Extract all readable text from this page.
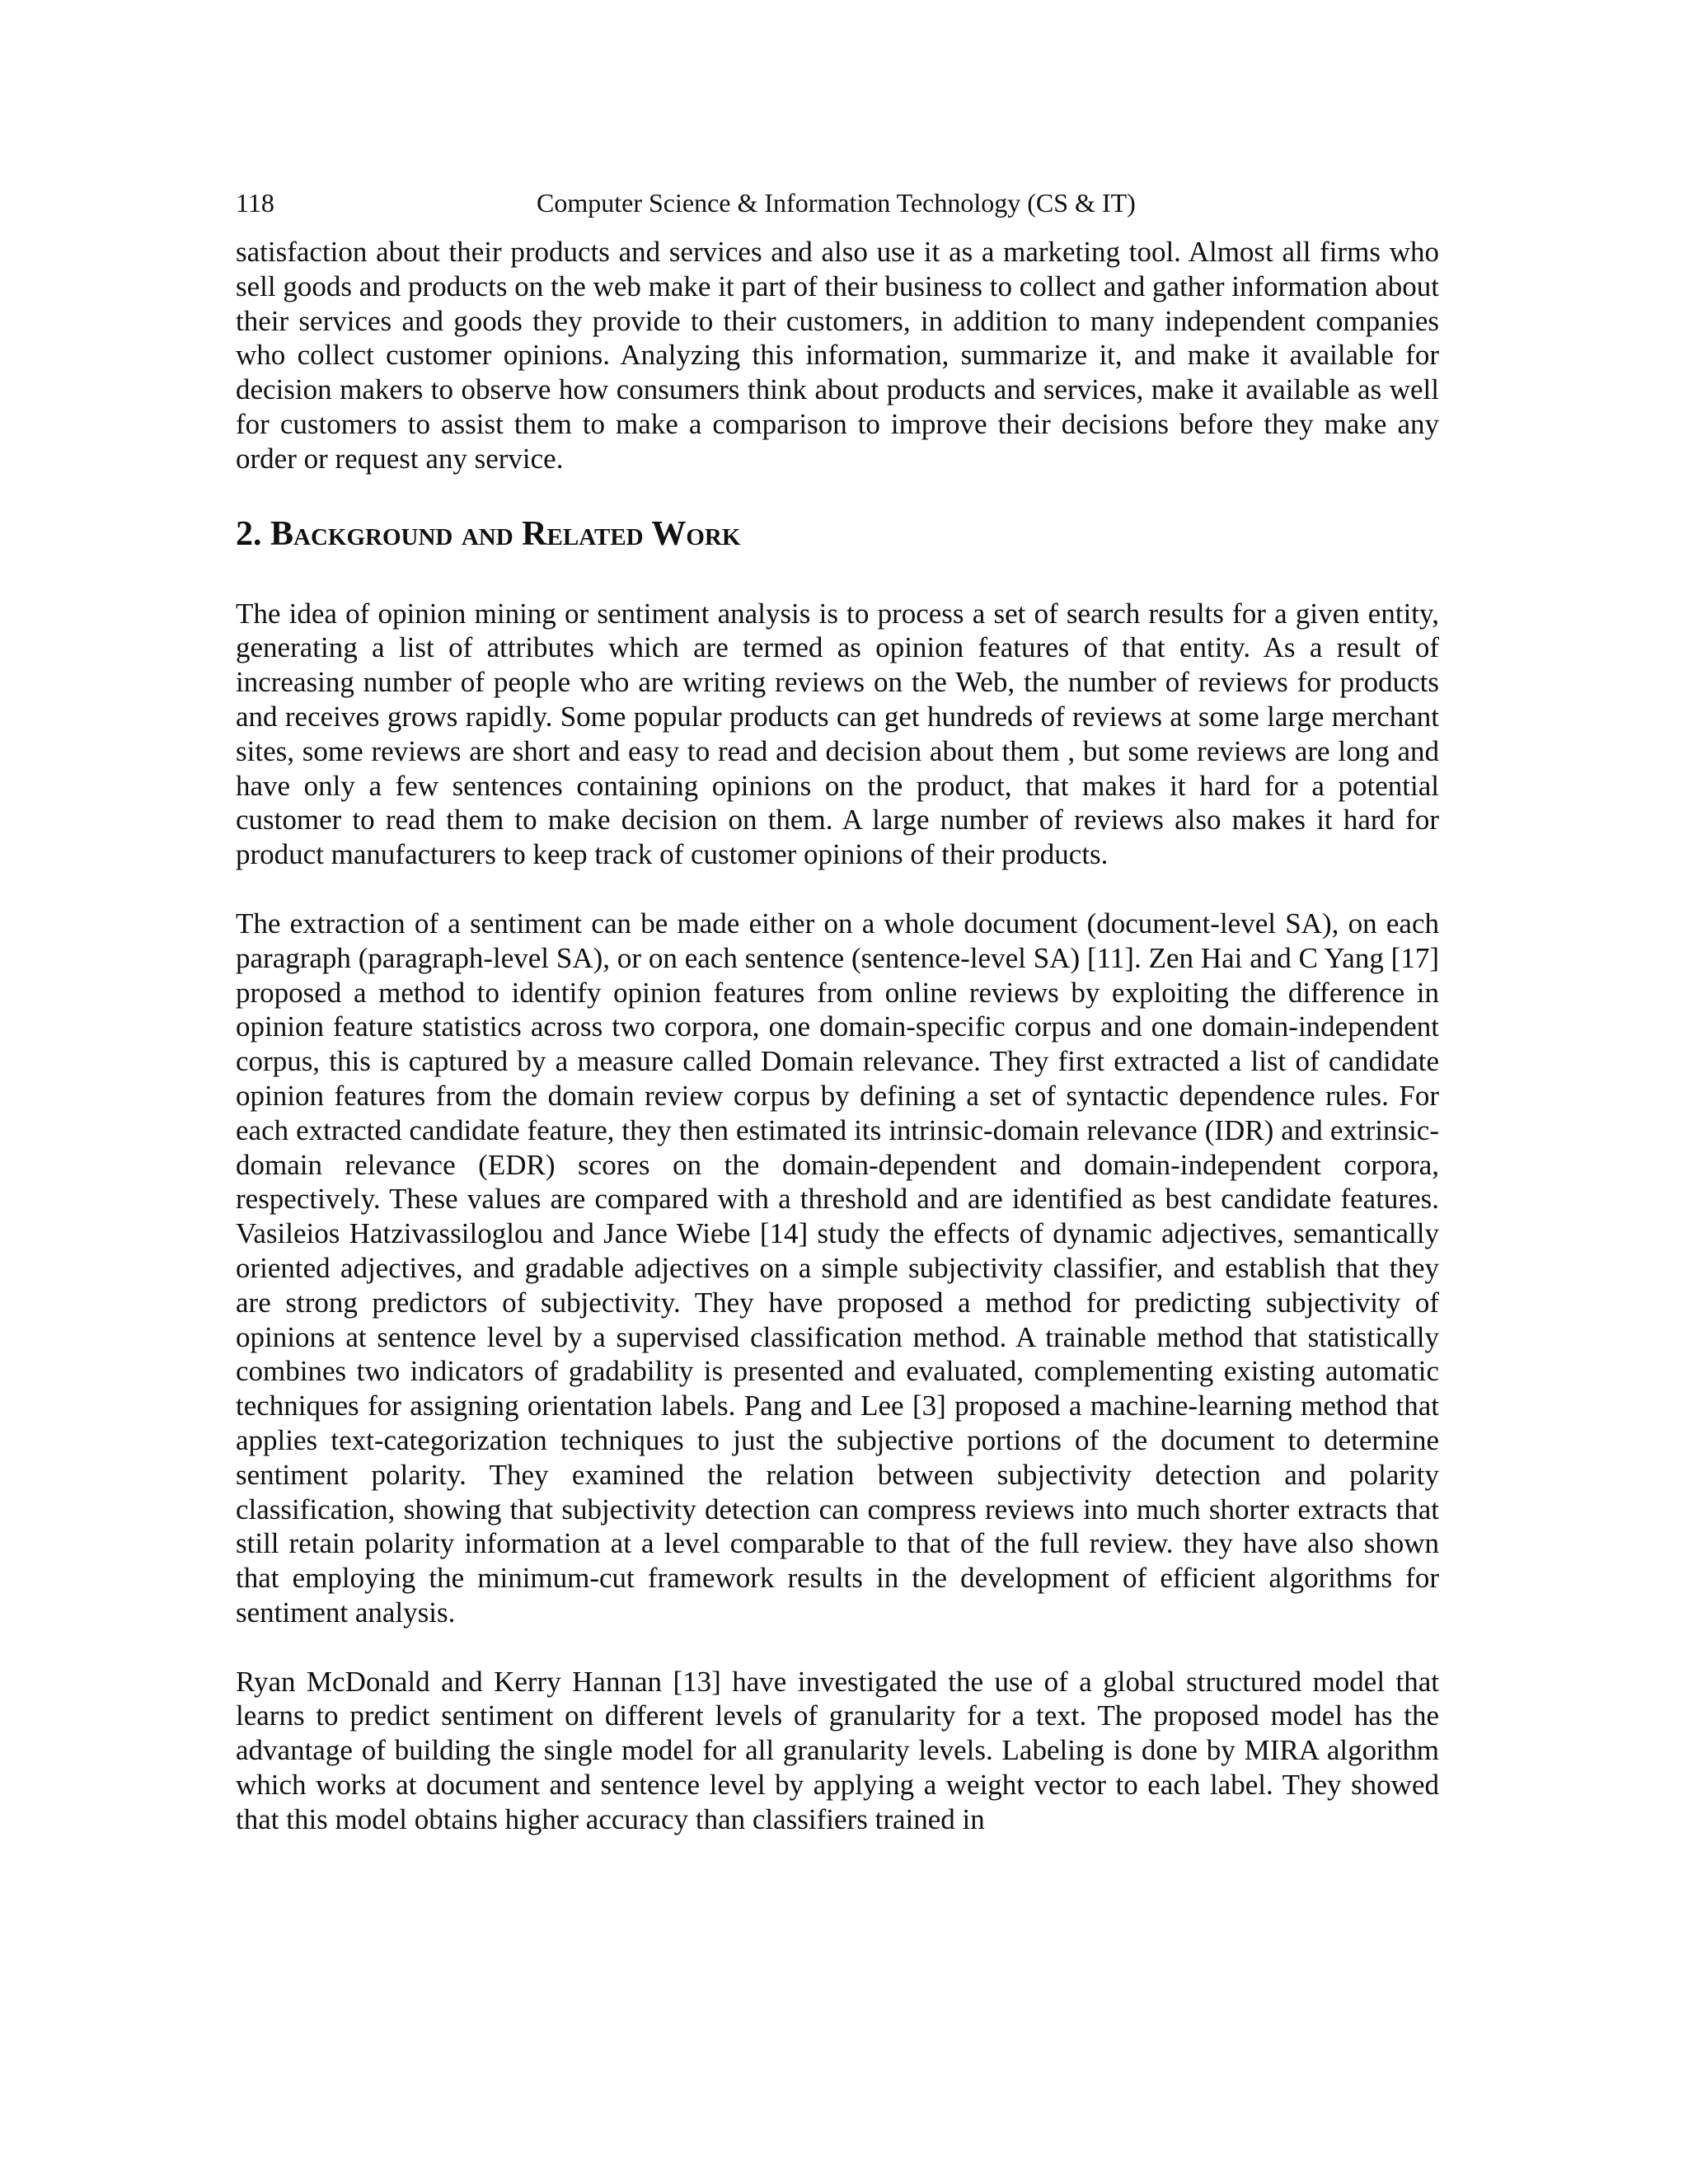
118	Computer Science & Information Technology (CS & IT)

satisfaction about their products and services and also use it as a marketing tool. Almost all firms who sell goods and products on the web make it part of their business to collect and gather information about their services and goods they provide to their customers, in addition to many independent companies who collect customer opinions. Analyzing this information, summarize it, and make it available for decision makers to observe how consumers think about products and services, make it available as well for customers to assist them to make a comparison to improve their decisions before they make any order or request any service.

2. Background and Related Work

The idea of opinion mining or sentiment analysis is to process a set of search results for a given entity, generating a list of attributes which are termed as opinion features of that entity. As a result of increasing number of people who are writing reviews on the Web, the number of reviews for products and receives grows rapidly. Some popular products can get hundreds of reviews at some large merchant sites, some reviews are short and easy to read and decision about them , but some reviews are long and have only a few sentences containing opinions on the product, that makes it hard for a potential customer to read them to make decision on them. A large number of reviews also makes it hard for product manufacturers to keep track of customer opinions of their products.

The extraction of a sentiment can be made either on a whole document (document-level SA), on each paragraph (paragraph-level SA), or on each sentence (sentence-level SA) [11]. Zen Hai and C Yang [17] proposed a method to identify opinion features from online reviews by exploiting the difference in opinion feature statistics across two corpora, one domain-specific corpus and one domain-independent corpus, this is captured by a measure called Domain relevance. They first extracted a list of candidate opinion features from the domain review corpus by defining a set of syntactic dependence rules. For each extracted candidate feature, they then estimated its intrinsic-domain relevance (IDR) and extrinsic-domain relevance (EDR) scores on the domain-dependent and domain-independent corpora, respectively. These values are compared with a threshold and are identified as best candidate features. Vasileios Hatzivassiloglou and Jance Wiebe [14] study the effects of dynamic adjectives, semantically oriented adjectives, and gradable adjectives on a simple subjectivity classifier, and establish that they are strong predictors of subjectivity. They have proposed a method for predicting subjectivity of opinions at sentence level by a supervised classification method. A trainable method that statistically combines two indicators of gradability is presented and evaluated, complementing existing automatic techniques for assigning orientation labels. Pang and Lee [3] proposed a machine-learning method that applies text-categorization techniques to just the subjective portions of the document to determine sentiment polarity. They examined the relation between subjectivity detection and polarity classification, showing that subjectivity detection can compress reviews into much shorter extracts that still retain polarity information at a level comparable to that of the full review. they have also shown that employing the minimum-cut framework results in the development of efficient algorithms for sentiment analysis.

Ryan McDonald and Kerry Hannan [13] have investigated the use of a global structured model that learns to predict sentiment on different levels of granularity for a text. The proposed model has the advantage of building the single model for all granularity levels. Labeling is done by MIRA algorithm which works at document and sentence level by applying a weight vector to each label. They showed that this model obtains higher accuracy than classifiers trained in
